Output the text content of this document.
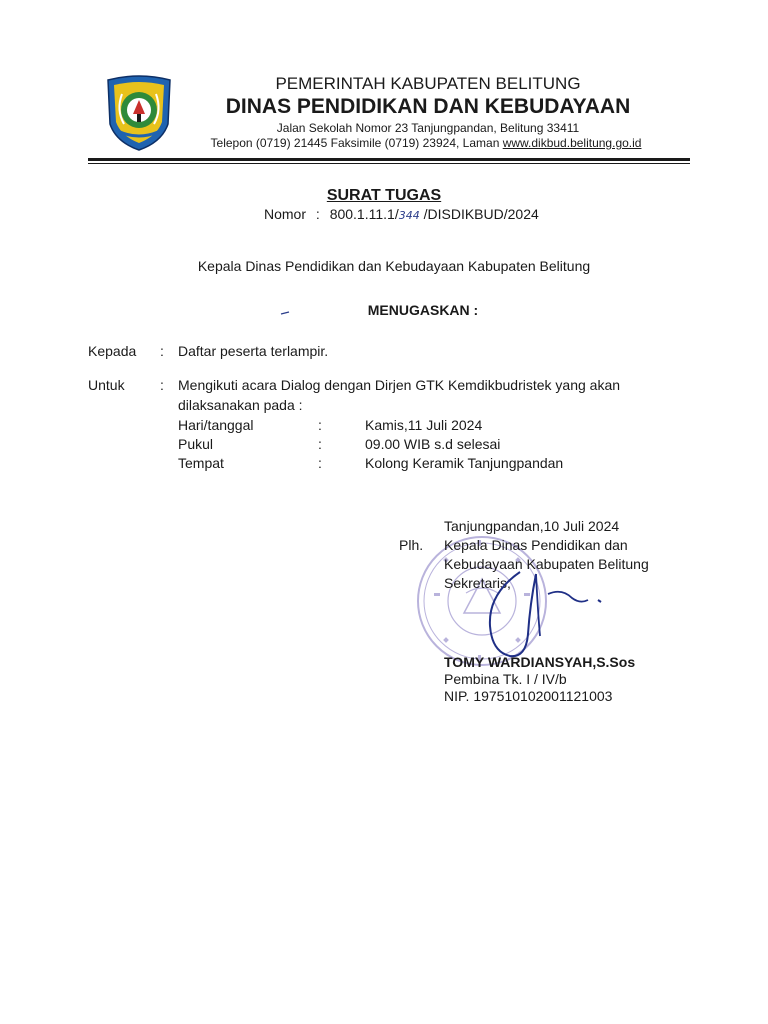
PEMERINTAH KABUPATEN BELITUNG
DINAS PENDIDIKAN DAN KEBUDAYAAN
Jalan Sekolah Nomor 23 Tanjungpandan, Belitung 33411
Telepon (0719) 21445 Faksimile (0719) 23924, Laman www.dikbud.belitung.go.id
SURAT TUGAS
Nomor : 800.1.11.1/344 /DISDIKBUD/2024
Kepala Dinas Pendidikan dan Kebudayaan Kabupaten Belitung
MENUGASKAN :
Kepada : Daftar peserta terlampir.
Untuk	: Mengikuti acara Dialog dengan Dirjen GTK Kemdikbudristek yang akan
dilaksanakan pada :
Hari/tanggal	:	Kamis,11 Juli 2024
Pukul	:	09.00 WIB s.d selesai
Tempat	:	Kolong Keramik Tanjungpandan
Tanjungpandan,10 Juli 2024
Plh. Kepala Dinas Pendidikan dan
Kebudayaan Kabupaten Belitung
Sekretaris,
TOMY WARDIANSYAH,S.Sos
Pembina Tk. I / IV/b
NIP. 197510102001121003
